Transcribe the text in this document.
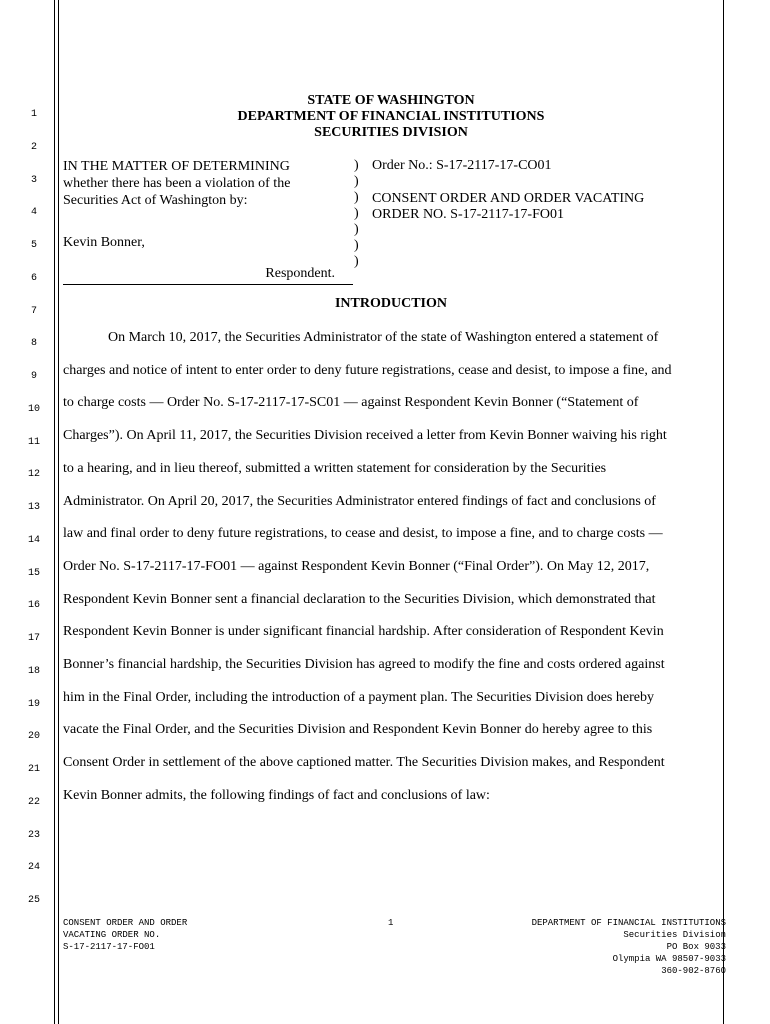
1
2
3
4
5
6
7
8
9
10
11
12
13
14
15
16
17
18
19
20
21
22
23
24
25
STATE OF WASHINGTON
DEPARTMENT OF FINANCIAL INSTITUTIONS
SECURITIES DIVISION
IN THE MATTER OF DETERMINING
whether there has been a violation of the
Securities Act of Washington by:
Kevin Bonner,
Respondent.
)
)
)
)
)
)
)
Order No.: S-17-2117-17-CO01
CONSENT ORDER AND ORDER VACATING
ORDER NO. S-17-2117-17-FO01
INTRODUCTION
On March 10, 2017, the Securities Administrator of the state of Washington entered a statement of
charges and notice of intent to enter order to deny future registrations, cease and desist, to impose a fine, and
to charge costs — Order No. S-17-2117-17-SC01 — against Respondent Kevin Bonner (“Statement of
Charges”). On April 11, 2017, the Securities Division received a letter from Kevin Bonner waiving his right
to a hearing, and in lieu thereof, submitted a written statement for consideration by the Securities
Administrator. On April 20, 2017, the Securities Administrator entered findings of fact and conclusions of
law and final order to deny future registrations, to cease and desist, to impose a fine, and to charge costs —
Order No. S-17-2117-17-FO01 — against Respondent Kevin Bonner (“Final Order”). On May 12, 2017,
Respondent Kevin Bonner sent a financial declaration to the Securities Division, which demonstrated that
Respondent Kevin Bonner is under significant financial hardship. After consideration of Respondent Kevin
Bonner’s financial hardship, the Securities Division has agreed to modify the fine and costs ordered against
him in the Final Order, including the introduction of a payment plan. The Securities Division does hereby
vacate the Final Order, and the Securities Division and Respondent Kevin Bonner do hereby agree to this
Consent Order in settlement of the above captioned matter. The Securities Division makes, and Respondent
Kevin Bonner admits, the following findings of fact and conclusions of law:
CONSENT ORDER AND ORDER
VACATING ORDER NO.
S-17-2117-17-FO01
1	DEPARTMENT OF FINANCIAL INSTITUTIONS
Securities Division
PO Box 9033
Olympia WA 98507-9033
360-902-8760
